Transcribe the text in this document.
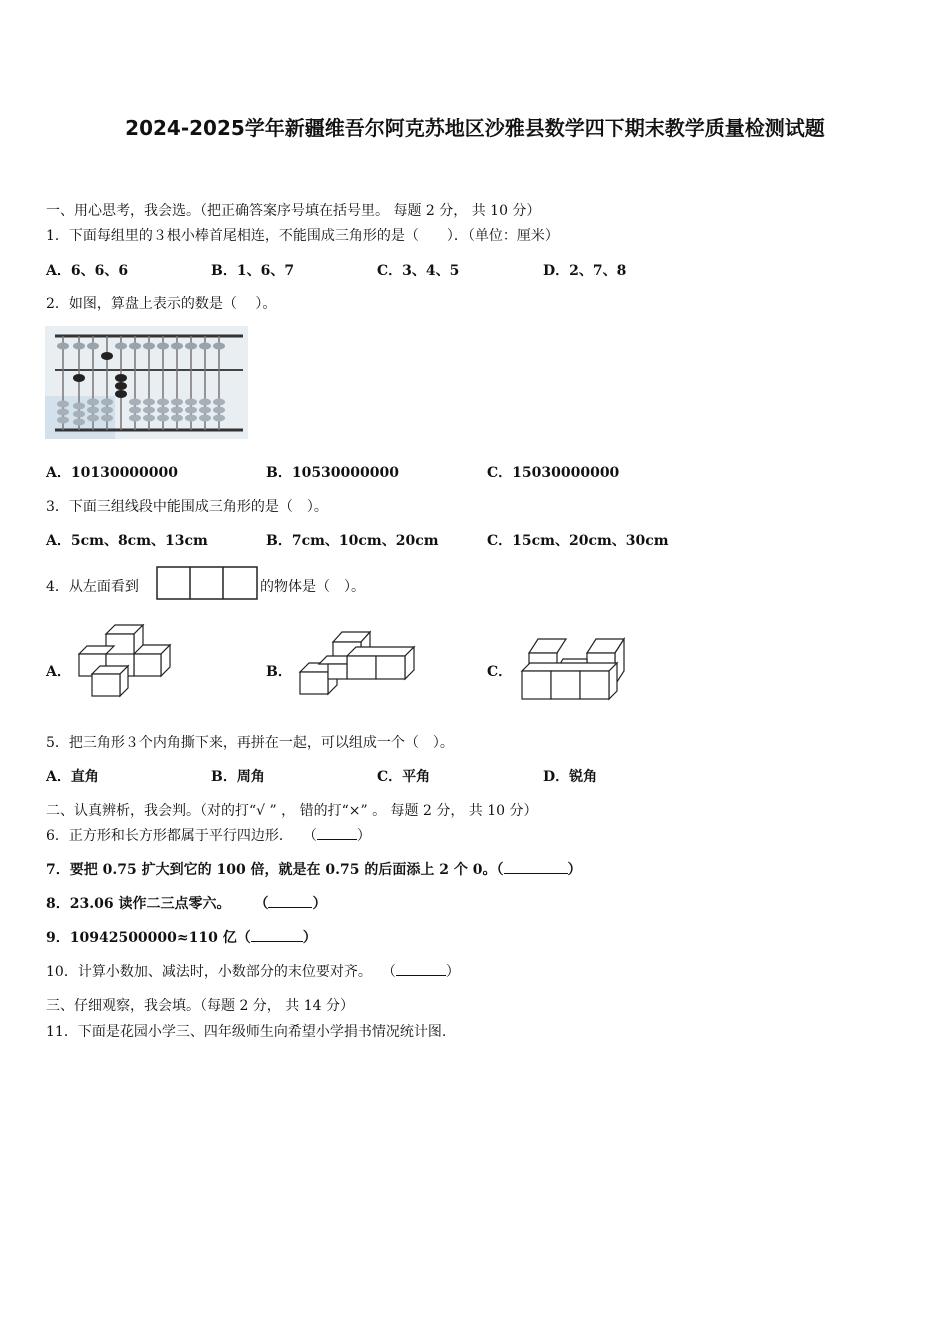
2024-2025学年新疆维吾尔阿克苏地区沙雅县数学四下期末教学质量检测试题
一、用心思考，我会选。（把正确答案序号填在括号里。 每题 2 分， 共 10 分）
1．下面每组里的３根小棒首尾相连，不能围成三角形的是（　　）．（单位：厘米）
A．6、6、6	B．1、6、7	C．3、4、5	D．2、7、8
2．如图，算盘上表示的数是（　 ）。
A．10130000000	B．10530000000	C．15030000000
3．下面三组线段中能围成三角形的是（　）。
A．5cm、8cm、13cm	B．7cm、10cm、20cm	C．15cm、20cm、30cm
4．从左面看到	的物体是（　）。
A．	B．	C．
5．把三角形３个内角撕下来，再拼在一起，可以组成一个（　）。
A．直角	B．周角	C．平角	D．锐角
二、认真辨析，我会判。（对的打“√ ” ， 错的打“×” 。 每题 2 分， 共 10 分）
6．正方形和长方形都属于平行四边形． （	）
7．要把 0.75 扩大到它的 100 倍，就是在 0.75 的后面添上 2 个 0。（	）
8．23.06 读作二三点零六。 （	）
9．10942500000≈110 亿（	）
10．计算小数加、减法时，小数部分的末位要对齐。 （	）
三、仔细观察，我会填。（每题 2 分， 共 14 分）
11．下面是花园小学三、四年级师生向希望小学捐书情况统计图.
